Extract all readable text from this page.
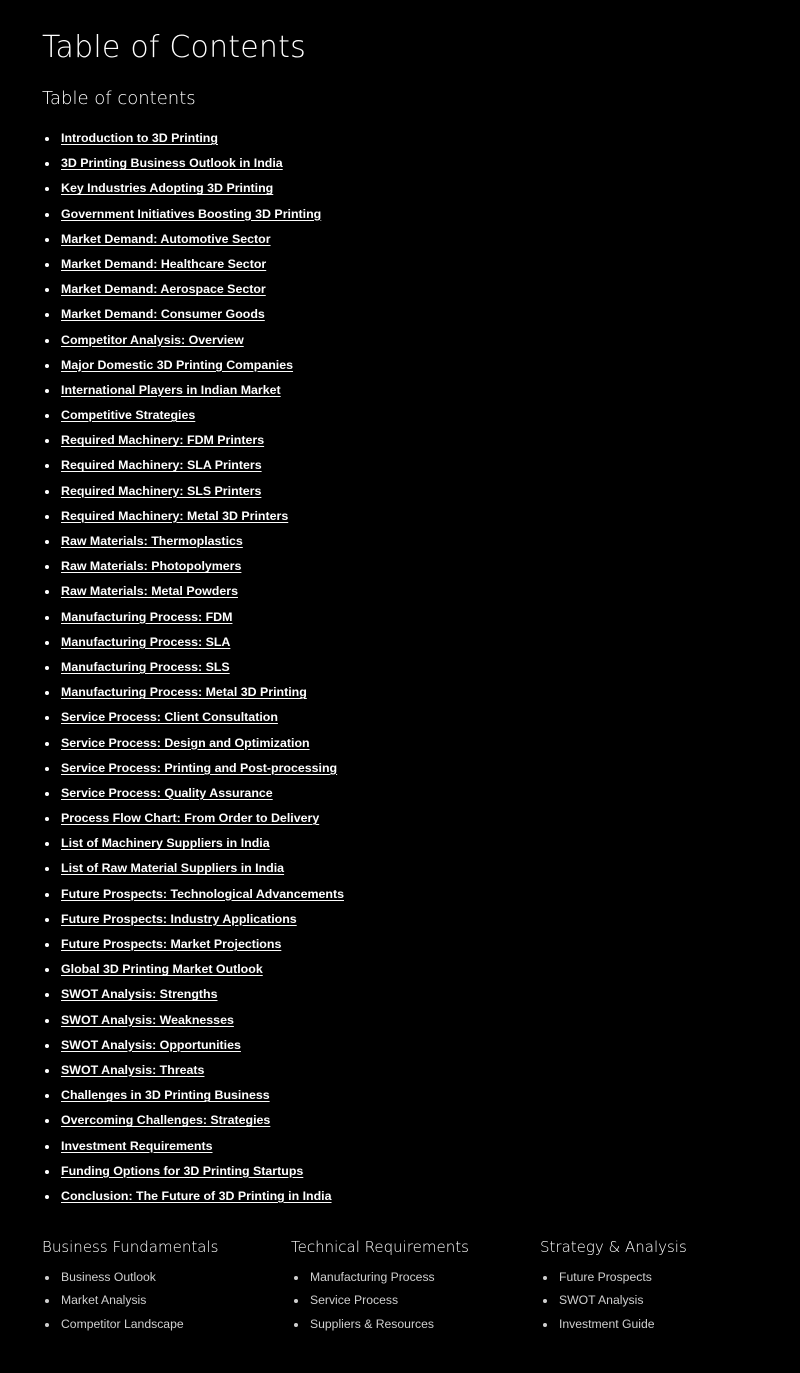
Table of Contents
Table of contents
Introduction to 3D Printing
3D Printing Business Outlook in India
Key Industries Adopting 3D Printing
Government Initiatives Boosting 3D Printing
Market Demand: Automotive Sector
Market Demand: Healthcare Sector
Market Demand: Aerospace Sector
Market Demand: Consumer Goods
Competitor Analysis: Overview
Major Domestic 3D Printing Companies
International Players in Indian Market
Competitive Strategies
Required Machinery: FDM Printers
Required Machinery: SLA Printers
Required Machinery: SLS Printers
Required Machinery: Metal 3D Printers
Raw Materials: Thermoplastics
Raw Materials: Photopolymers
Raw Materials: Metal Powders
Manufacturing Process: FDM
Manufacturing Process: SLA
Manufacturing Process: SLS
Manufacturing Process: Metal 3D Printing
Service Process: Client Consultation
Service Process: Design and Optimization
Service Process: Printing and Post-processing
Service Process: Quality Assurance
Process Flow Chart: From Order to Delivery
List of Machinery Suppliers in India
List of Raw Material Suppliers in India
Future Prospects: Technological Advancements
Future Prospects: Industry Applications
Future Prospects: Market Projections
Global 3D Printing Market Outlook
SWOT Analysis: Strengths
SWOT Analysis: Weaknesses
SWOT Analysis: Opportunities
SWOT Analysis: Threats
Challenges in 3D Printing Business
Overcoming Challenges: Strategies
Investment Requirements
Funding Options for 3D Printing Startups
Conclusion: The Future of 3D Printing in India
Business Fundamentals
Business Outlook
Market Analysis
Competitor Landscape
Technical Requirements
Manufacturing Process
Service Process
Suppliers & Resources
Strategy & Analysis
Future Prospects
SWOT Analysis
Investment Guide
